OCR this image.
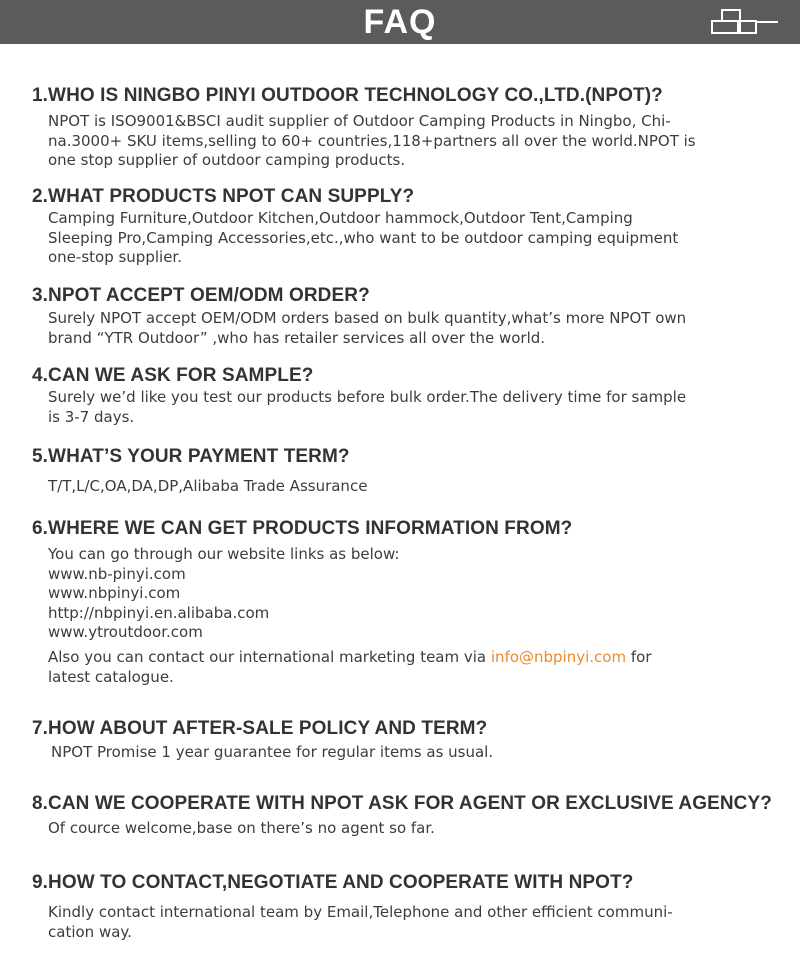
FAQ
1.WHO IS NINGBO PINYI OUTDOOR TECHNOLOGY CO.,LTD.(NPOT)?
NPOT is ISO9001&BSCI audit supplier of Outdoor Camping Products in Ningbo, Chi-
na.3000+ SKU items,selling to 60+ countries,118+partners all over the world.NPOT is
one stop supplier of outdoor camping products.
2.WHAT PRODUCTS NPOT CAN SUPPLY?
Camping Furniture,Outdoor Kitchen,Outdoor hammock,Outdoor Tent,Camping
Sleeping Pro,Camping Accessories,etc.,who want to be outdoor camping equipment
one-stop supplier.
3.NPOT ACCEPT OEM/ODM ORDER?
Surely NPOT accept OEM/ODM orders based on bulk quantity,what’s more NPOT own
brand “YTR Outdoor” ,who has retailer services all over the world.
4.CAN WE ASK FOR SAMPLE?
Surely we’d like you test our products before bulk order.The delivery time for sample
is 3-7 days.
5.WHAT’S YOUR PAYMENT TERM?
T/T,L/C,OA,DA,DP,Alibaba Trade Assurance
6.WHERE WE CAN GET PRODUCTS INFORMATION FROM?
You can go through our website links as below:
www.nb-pinyi.com
www.nbpinyi.com
http://nbpinyi.en.alibaba.com
www.ytroutdoor.com
Also you can contact our international marketing team via info@nbpinyi.com for
latest catalogue.
7.HOW ABOUT AFTER-SALE POLICY AND TERM?
NPOT Promise 1 year guarantee for regular items as usual.
8.CAN WE COOPERATE WITH NPOT ASK FOR AGENT OR EXCLUSIVE AGENCY?
Of cource welcome,base on there’s no agent so far.
9.HOW TO CONTACT,NEGOTIATE AND COOPERATE WITH NPOT?
Kindly contact international team by Email,Telephone and other efficient communi-
cation way.
